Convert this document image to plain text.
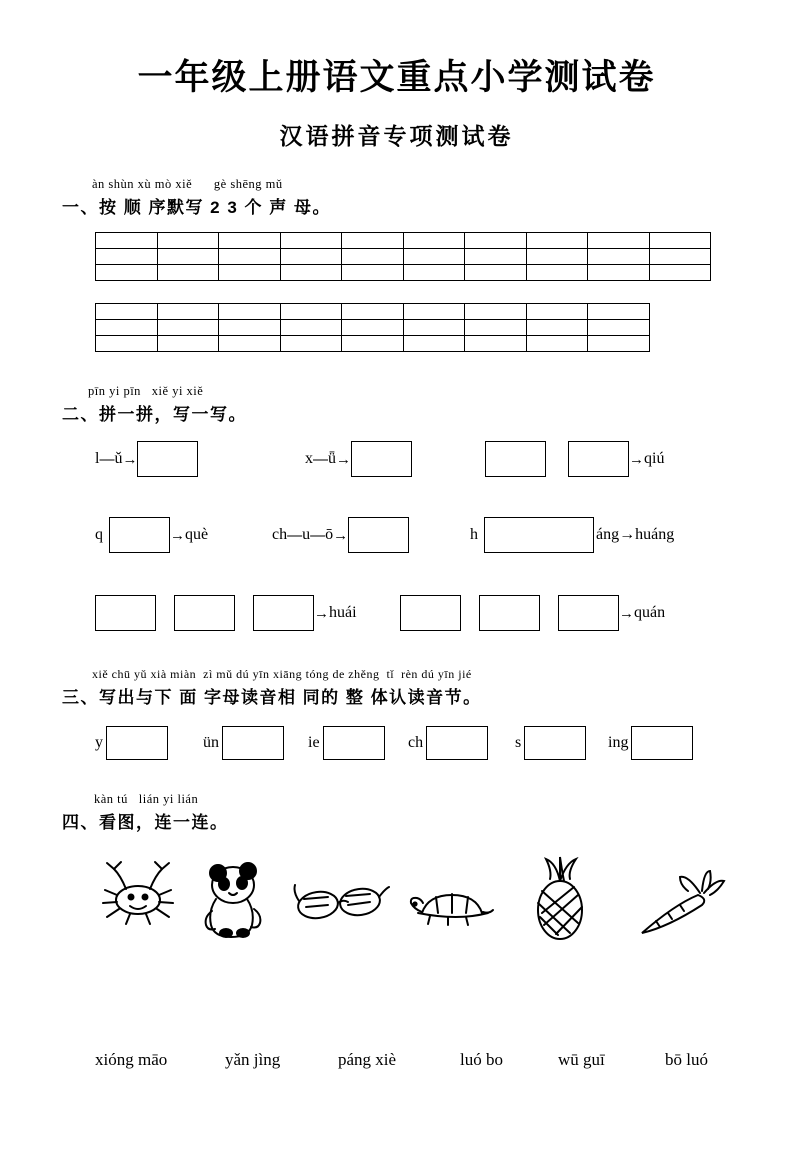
一年级上册语文重点小学测试卷
汉语拼音专项测试卷
àn shùn xù mò xiě      gè shēng mǔ
一、按 顺 序默写 2 3 个 声 母。

pīn yi pīn   xiě yi xiě
二、拼一拼，写一写。
l — ǔ →	x — ǖ →	→ qiú
q	→ què	ch — u — ō →	h	áng→huáng
→ huái	→ quán
xiě chū yǔ xià miàn  zì mǔ dú yīn xiāng tóng de zhěng  tǐ  rèn dú yīn jié
三、写出与下 面 字母读音相 同的 整 体认读音节。
y	ün	ie	ch	s	ing
kàn tú   lián yi lián
四、看图，连一连。
xióng māo	yǎn jìng	páng xiè	luó bo	wū guī	bō luó
